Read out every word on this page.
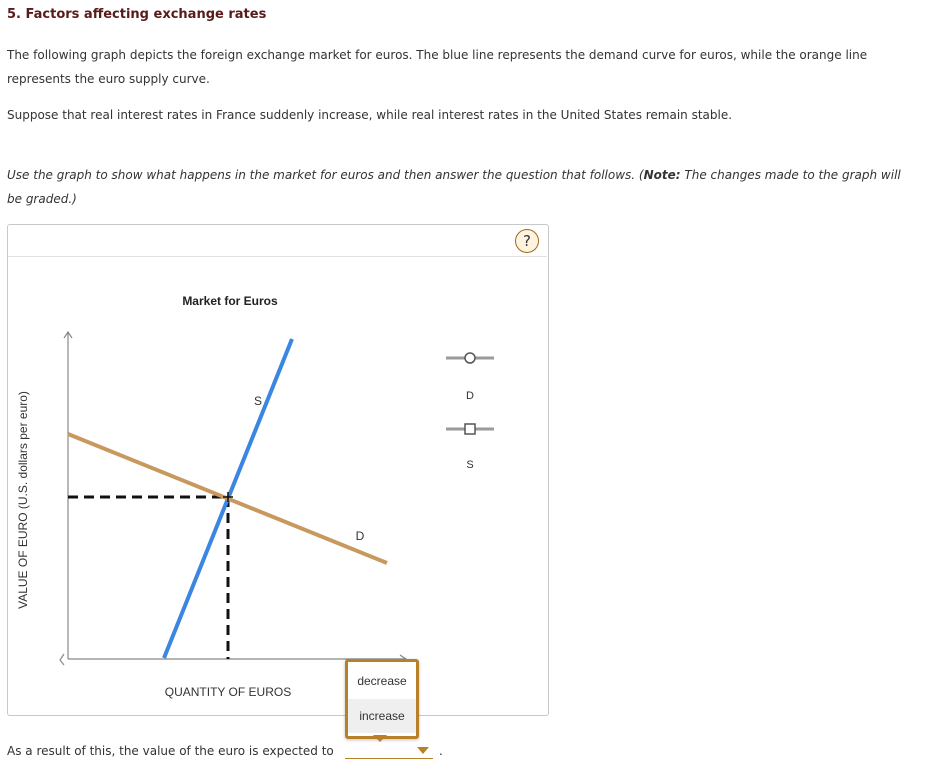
5. Factors affecting exchange rates

The following graph depicts the foreign exchange market for euros. The blue line represents the demand curve for euros, while the orange line represents the euro supply curve.

Suppose that real interest rates in France suddenly increase, while real interest rates in the United States remain stable.

Use the graph to show what happens in the market for euros and then answer the question that follows. (Note: The changes made to the graph will be graded.)

?
Market for Euros
VALUE OF EURO (U.S. dollars per euro)
QUANTITY OF EUROS
S
D
D
S
decrease
increase

As a result of this, the value of the euro is expected to	.
